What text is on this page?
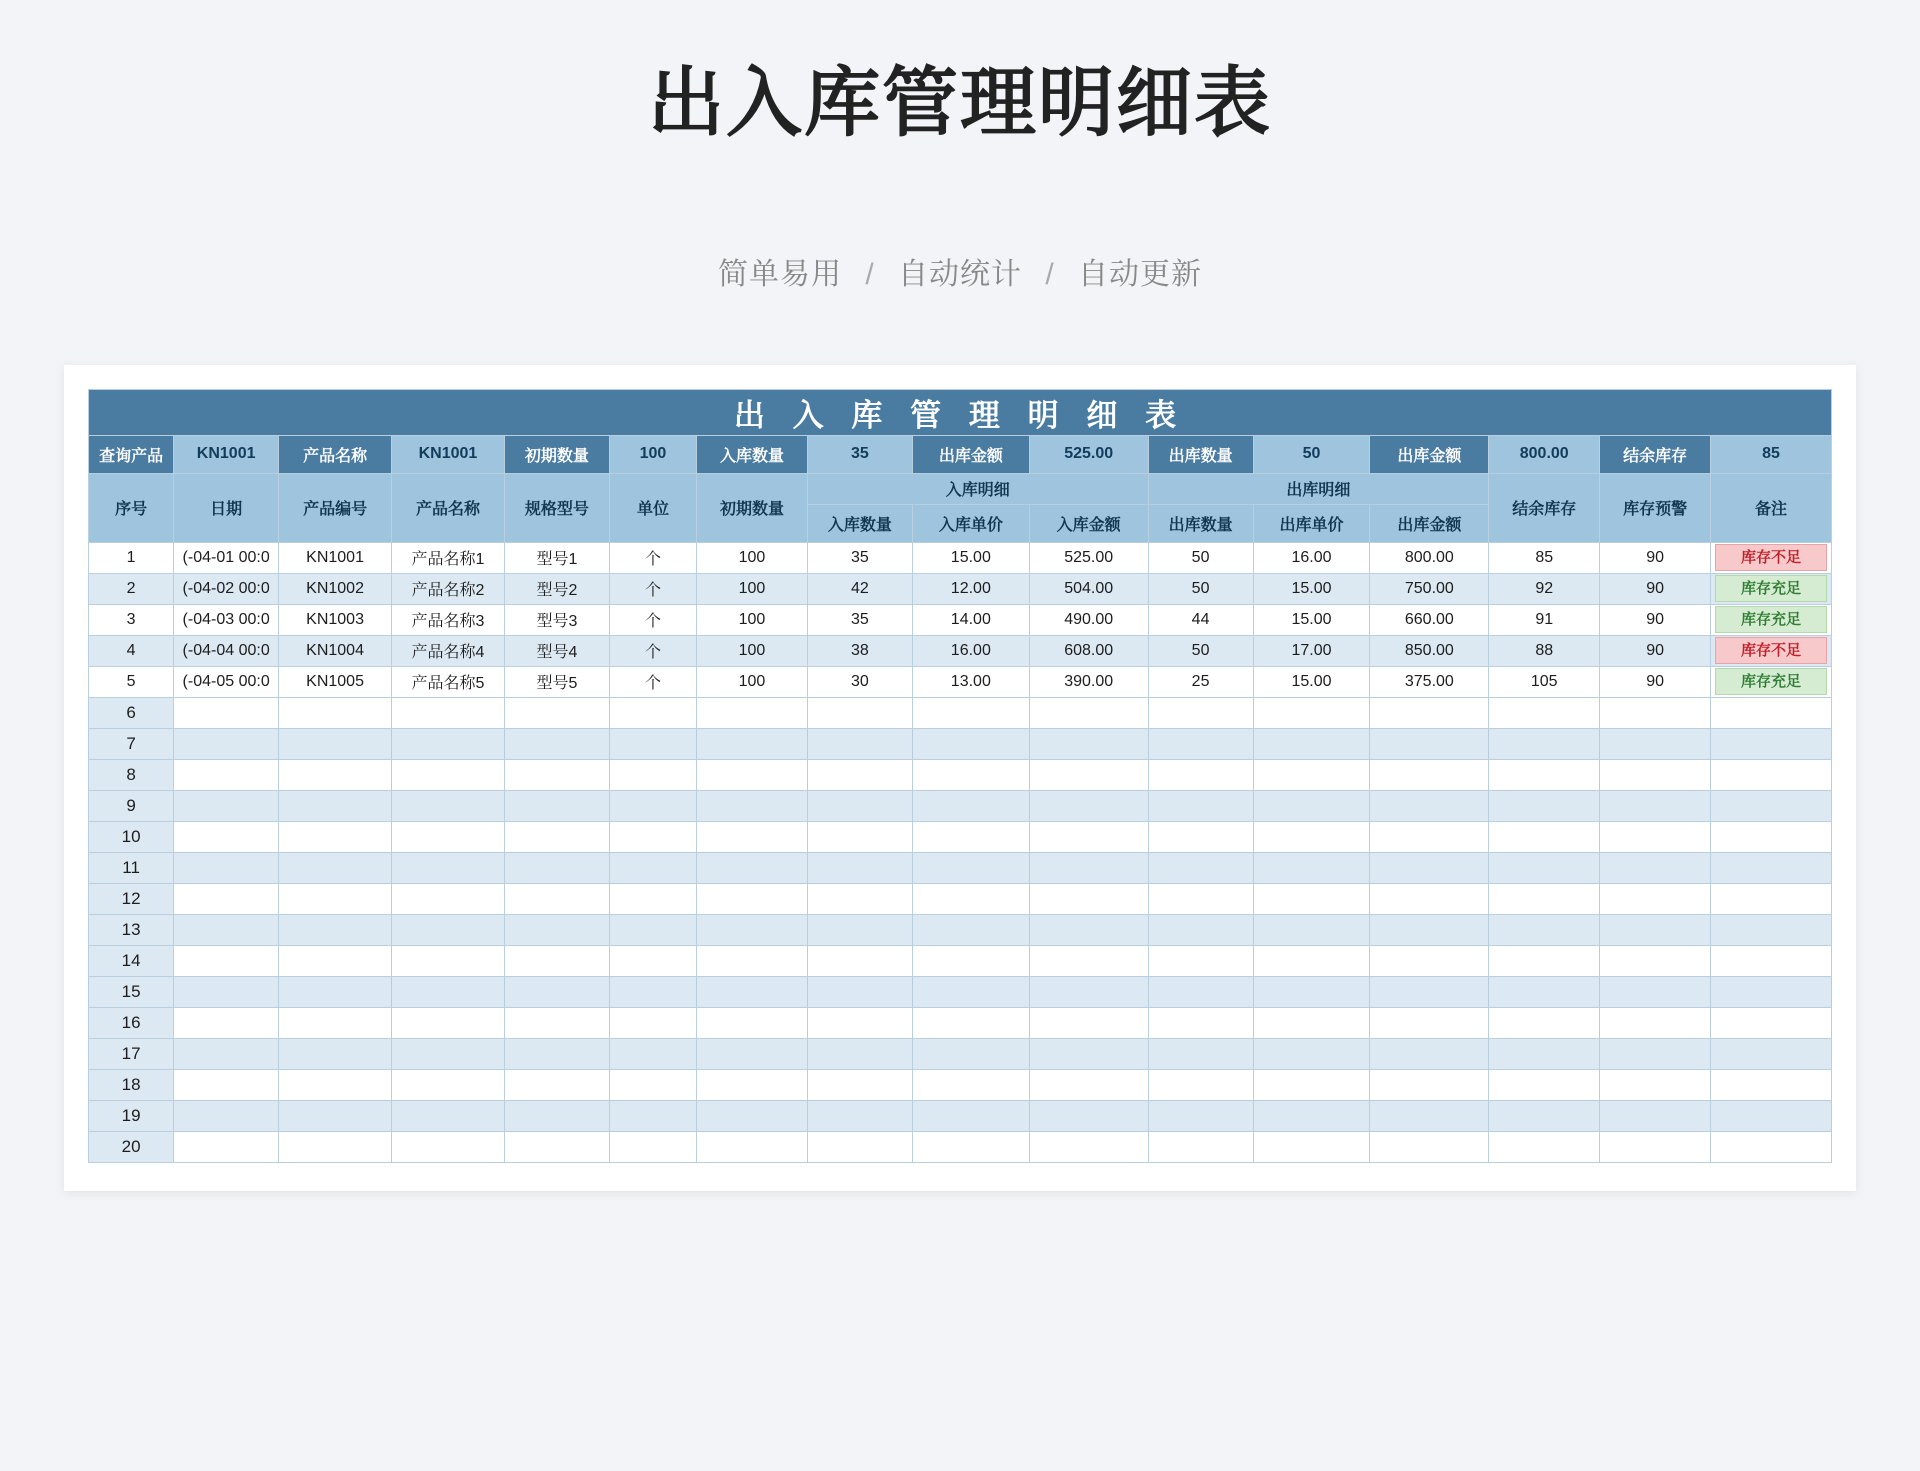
出入库管理明细表
简单易用 / 自动统计 / 自动更新
出 入 库 管 理 明 细 表															
查询产品	KN1001	产品名称	KN1001	初期数量	100	入库数量	35	出库金额	525.00	出库数量	50	出库金额	800.00	结余库存	85
序号	日期	产品编号	产品名称	规格型号	单位	初期数量	入库明细			出库明细			结余库存	库存预警	备注
							入库数量	入库单价	入库金额	出库数量	出库单价	出库金额			
1	(-04-01 00:0	KN1001	产品名称1	型号1	个	100	35	15.00	525.00	50	16.00	800.00	85	90	库存不足
2	(-04-02 00:0	KN1002	产品名称2	型号2	个	100	42	12.00	504.00	50	15.00	750.00	92	90	库存充足
3	(-04-03 00:0	KN1003	产品名称3	型号3	个	100	35	14.00	490.00	44	15.00	660.00	91	90	库存充足
4	(-04-04 00:0	KN1004	产品名称4	型号4	个	100	38	16.00	608.00	50	17.00	850.00	88	90	库存不足
5	(-04-05 00:0	KN1005	产品名称5	型号5	个	100	30	13.00	390.00	25	15.00	375.00	105	90	库存充足
6															
7															
8															
9															
10															
11															
12															
13															
14															
15															
16															
17															
18															
19															
20															
